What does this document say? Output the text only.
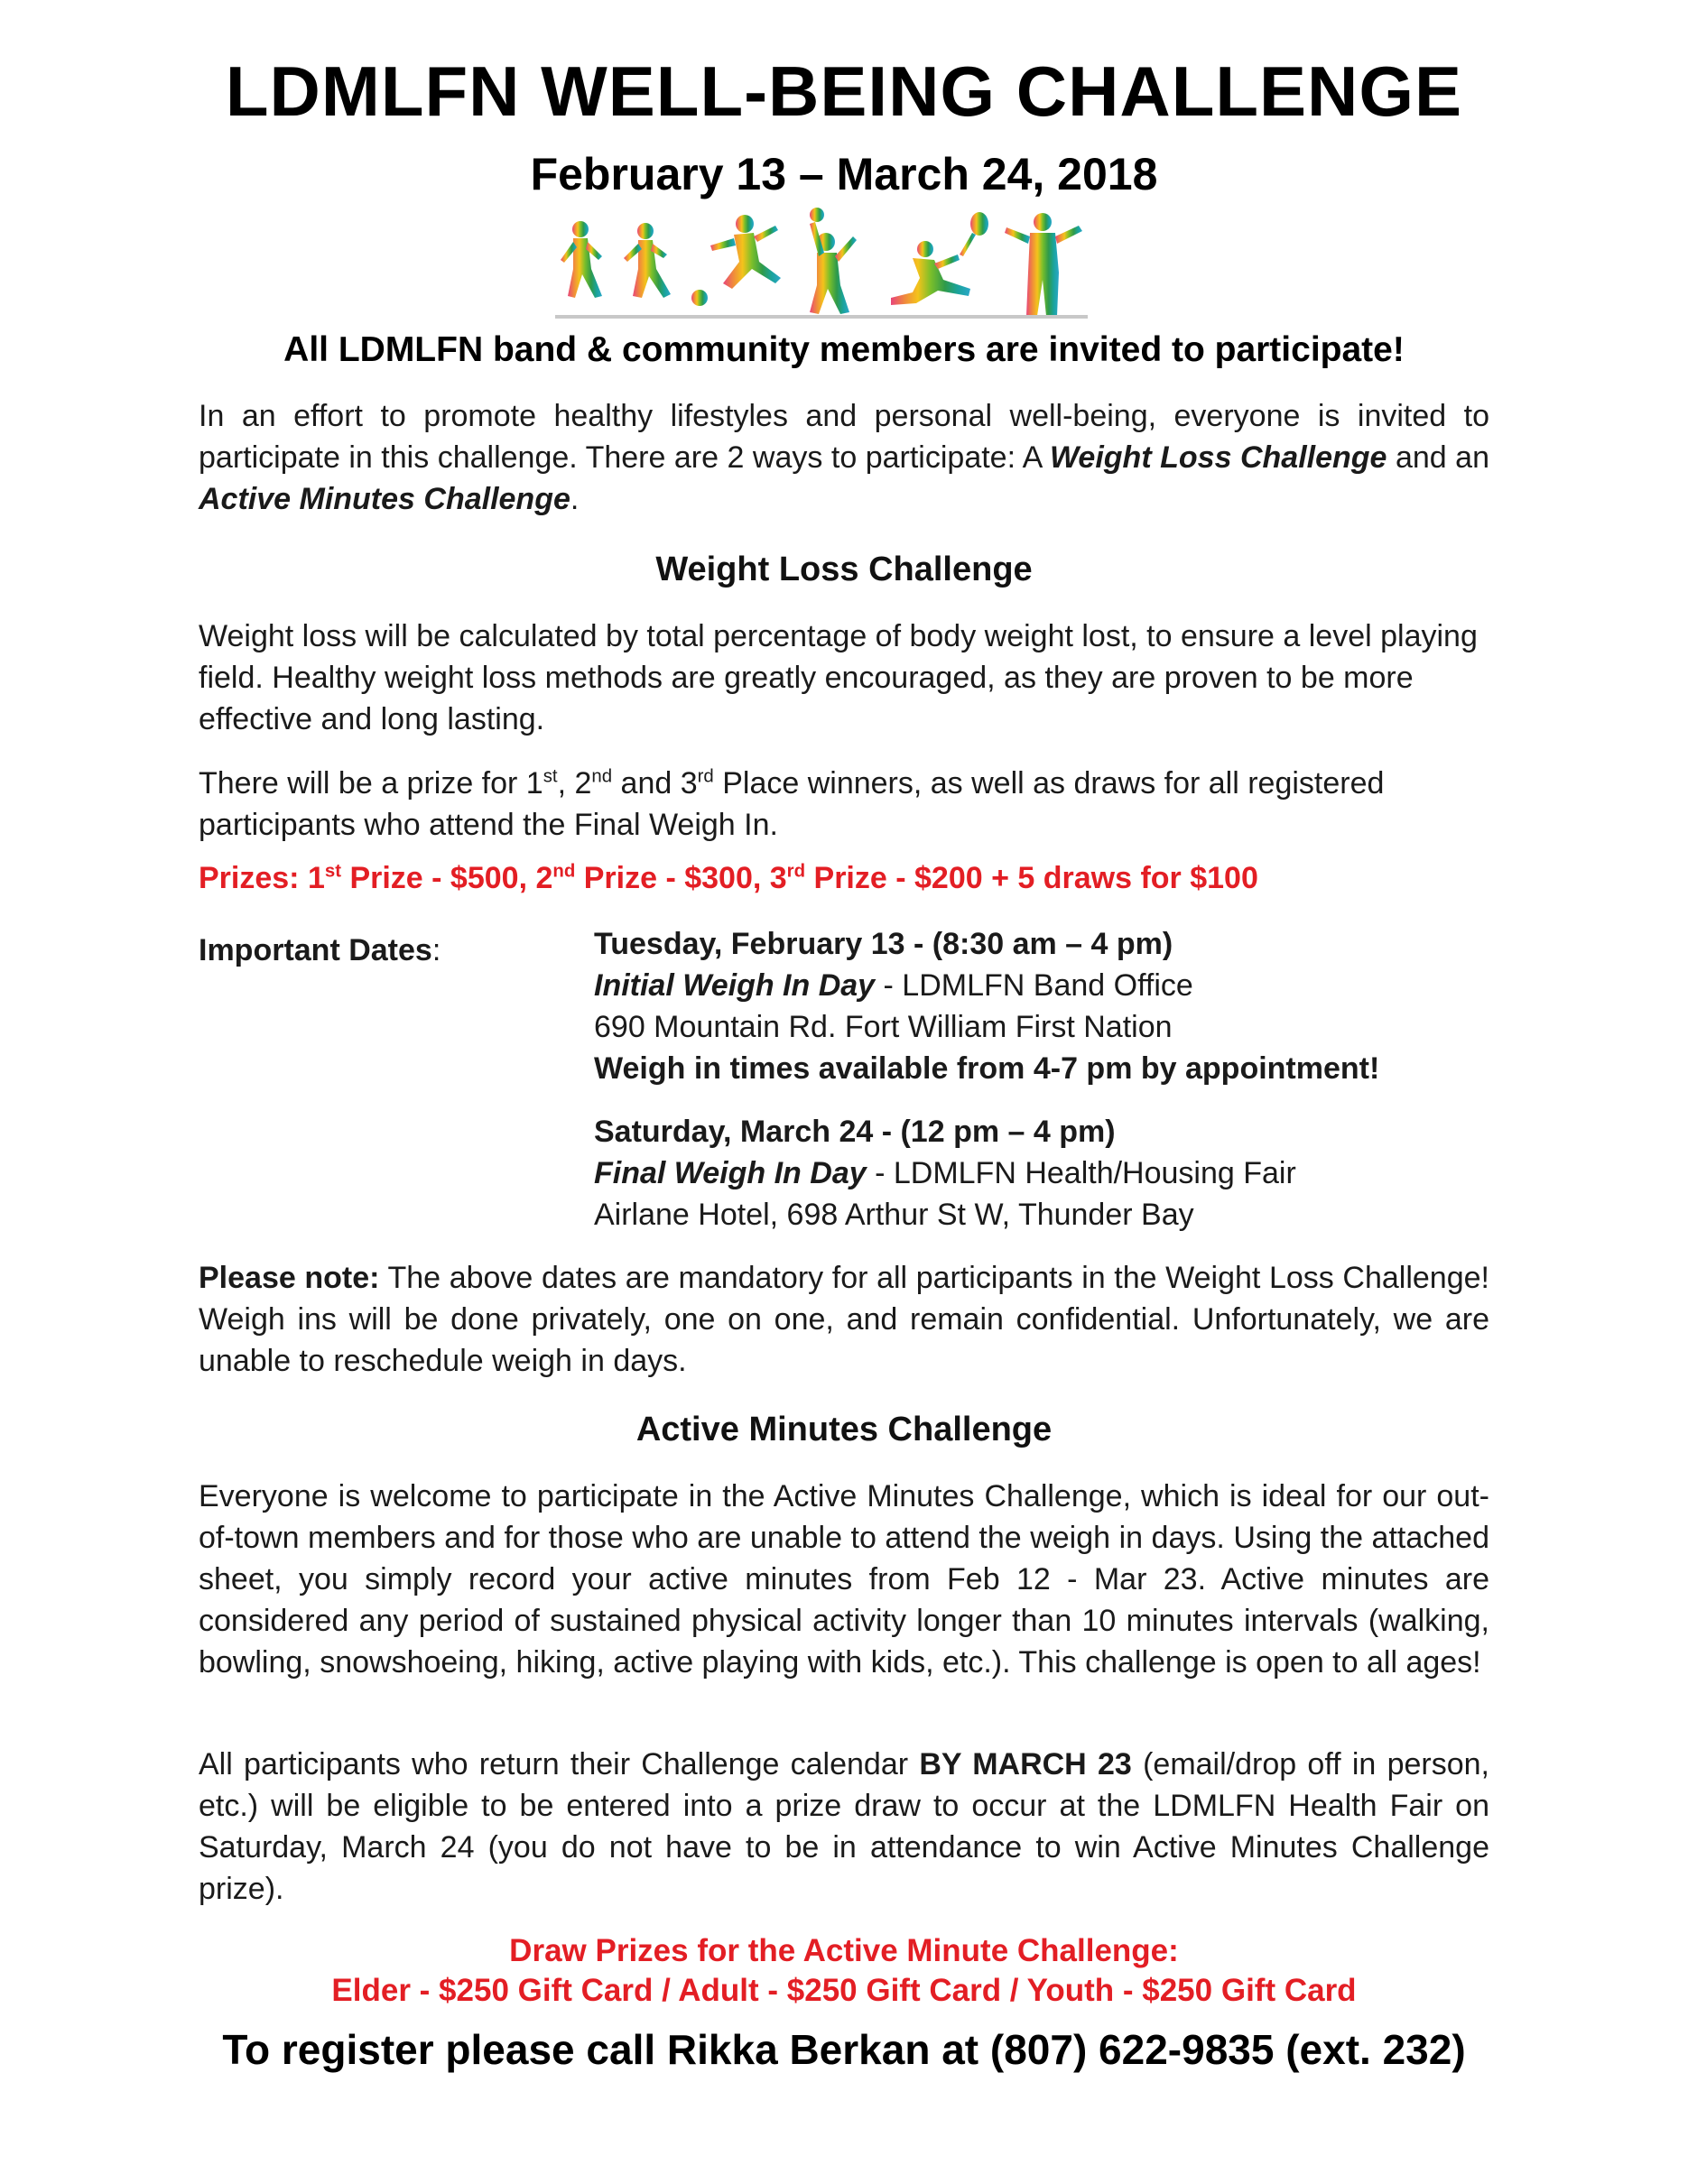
LDMLFN WELL-BEING CHALLENGE
February 13 – March 24, 2018
All LDMLFN band & community members are invited to participate!

In an effort to promote healthy lifestyles and personal well-being, everyone is invited to participate in this challenge. There are 2 ways to participate: A Weight Loss Challenge and an Active Minutes Challenge.

Weight Loss Challenge

Weight loss will be calculated by total percentage of body weight lost, to ensure a level playing field. Healthy weight loss methods are greatly encouraged, as they are proven to be more effective and long lasting.

There will be a prize for 1st, 2nd and 3rd Place winners, as well as draws for all registered participants who attend the Final Weigh In.

Prizes: 1st Prize - $500, 2nd Prize - $300, 3rd Prize - $200 + 5 draws for $100
Important Dates:	Tuesday, February 13 - (8:30 am – 4 pm)
Initial Weigh In Day - LDMLFN Band Office
690 Mountain Rd. Fort William First Nation
Weigh in times available from 4-7 pm by appointment!
Saturday, March 24 - (12 pm – 4 pm)
Final Weigh In Day - LDMLFN Health/Housing Fair
Airlane Hotel, 698 Arthur St W, Thunder Bay

Please note: The above dates are mandatory for all participants in the Weight Loss Challenge! Weigh ins will be done privately, one on one, and remain confidential. Unfortunately, we are unable to reschedule weigh in days.

Active Minutes Challenge

Everyone is welcome to participate in the Active Minutes Challenge, which is ideal for our out-of-town members and for those who are unable to attend the weigh in days. Using the attached sheet, you simply record your active minutes from Feb 12 - Mar 23. Active minutes are considered any period of sustained physical activity longer than 10 minutes intervals (walking, bowling, snowshoeing, hiking, active playing with kids, etc.). This challenge is open to all ages!

All participants who return their Challenge calendar BY MARCH 23 (email/drop off in person, etc.) will be eligible to be entered into a prize draw to occur at the LDMLFN Health Fair on Saturday, March 24 (you do not have to be in attendance to win Active Minutes Challenge prize).

Draw Prizes for the Active Minute Challenge:
Elder - $250 Gift Card / Adult - $250 Gift Card / Youth - $250 Gift Card
To register please call Rikka Berkan at (807) 622-9835 (ext. 232)
